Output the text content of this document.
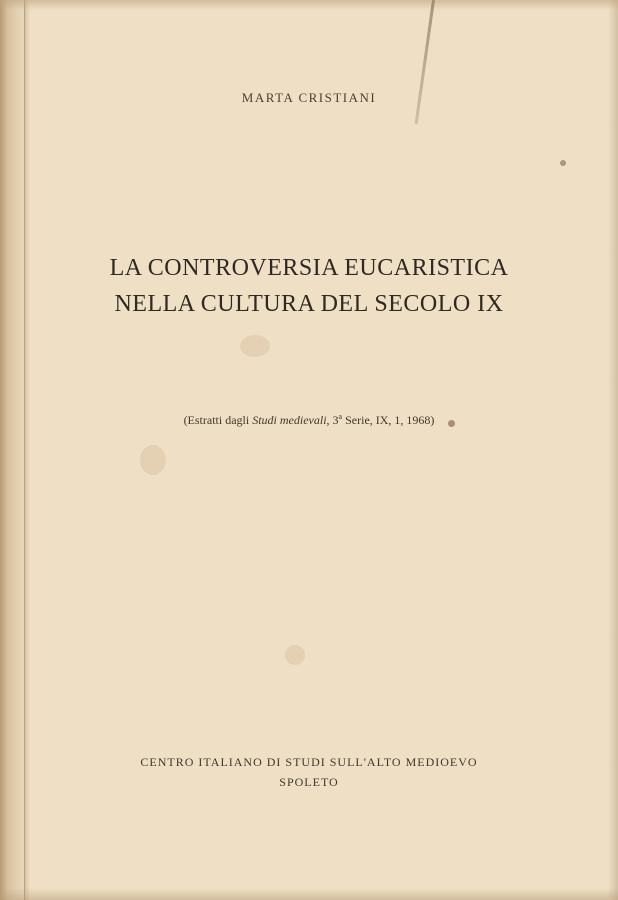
MARTA CRISTIANI
LA CONTROVERSIA EUCARISTICA
NELLA CULTURA DEL SECOLO IX
(Estratti dagli Studi medievali, 3$^a$ Serie, IX, 1, 1968)
CENTRO ITALIANO DI STUDI SULL'ALTO MEDIOEVO
SPOLETO
